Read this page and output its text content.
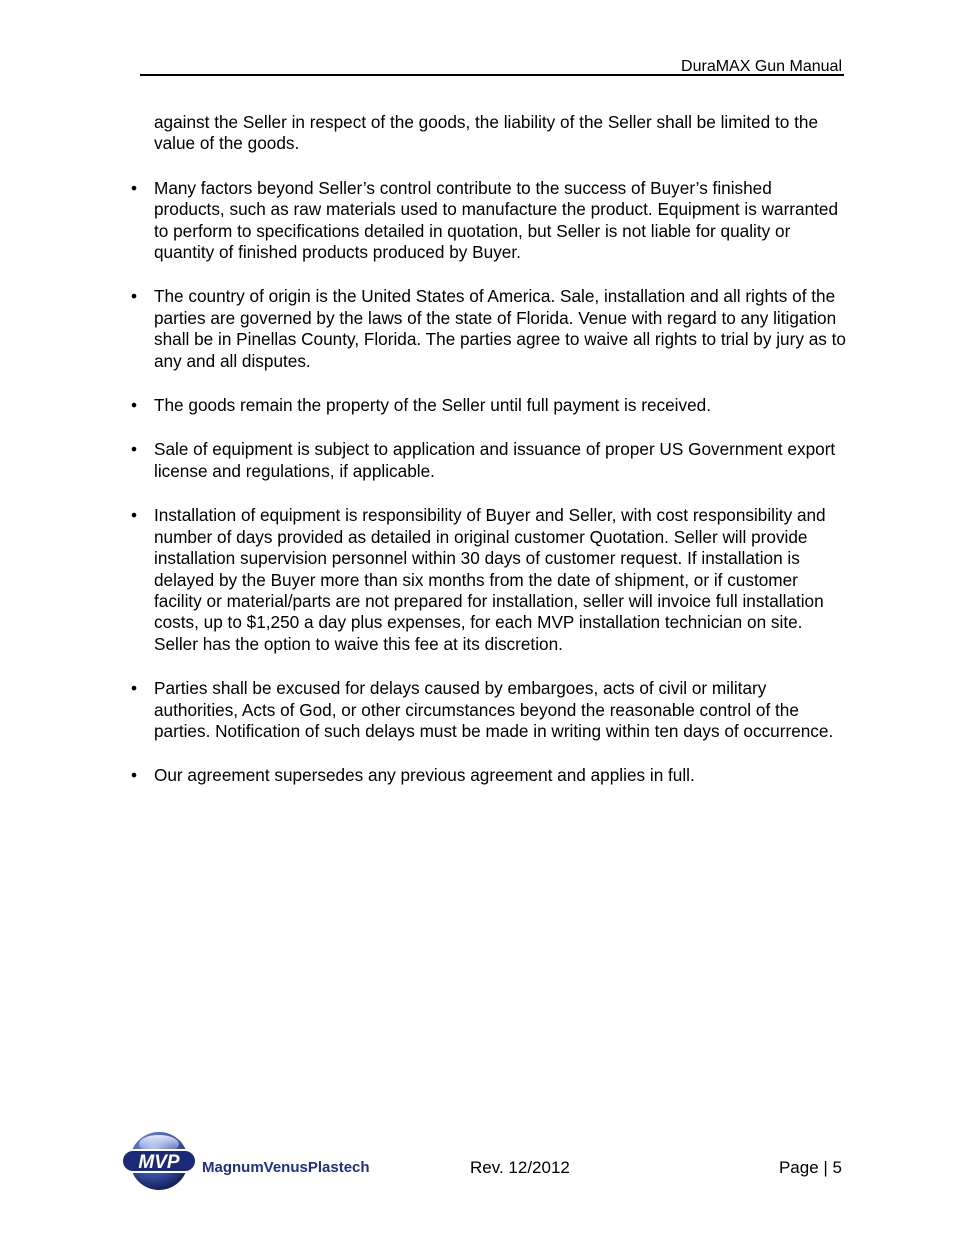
DuraMAX Gun Manual

against the Seller in respect of the goods, the liability of the Seller shall be limited to the value of the goods.

• Many factors beyond Seller’s control contribute to the success of Buyer’s finished products, such as raw materials used to manufacture the product. Equipment is warranted to perform to specifications detailed in quotation, but Seller is not liable for quality or quantity of finished products produced by Buyer.
• The country of origin is the United States of America. Sale, installation and all rights of the parties are governed by the laws of the state of Florida. Venue with regard to any litigation shall be in Pinellas County, Florida. The parties agree to waive all rights to trial by jury as to any and all disputes.
• The goods remain the property of the Seller until full payment is received.
• Sale of equipment is subject to application and issuance of proper US Government export license and regulations, if applicable.
• Installation of equipment is responsibility of Buyer and Seller, with cost responsibility and number of days provided as detailed in original customer Quotation. Seller will provide installation supervision personnel within 30 days of customer request. If installation is delayed by the Buyer more than six months from the date of shipment, or if customer facility or material/parts are not prepared for installation, seller will invoice full installation costs, up to $1,250 a day plus expenses, for each MVP installation technician on site. Seller has the option to waive this fee at its discretion.
• Parties shall be excused for delays caused by embargoes, acts of civil or military authorities, Acts of God, or other circumstances beyond the reasonable control of the parties. Notification of such delays must be made in writing within ten days of occurrence.
• Our agreement supersedes any previous agreement and applies in full.
MVP MagnumVenusPlastech	Rev. 12/2012	Page | 5
